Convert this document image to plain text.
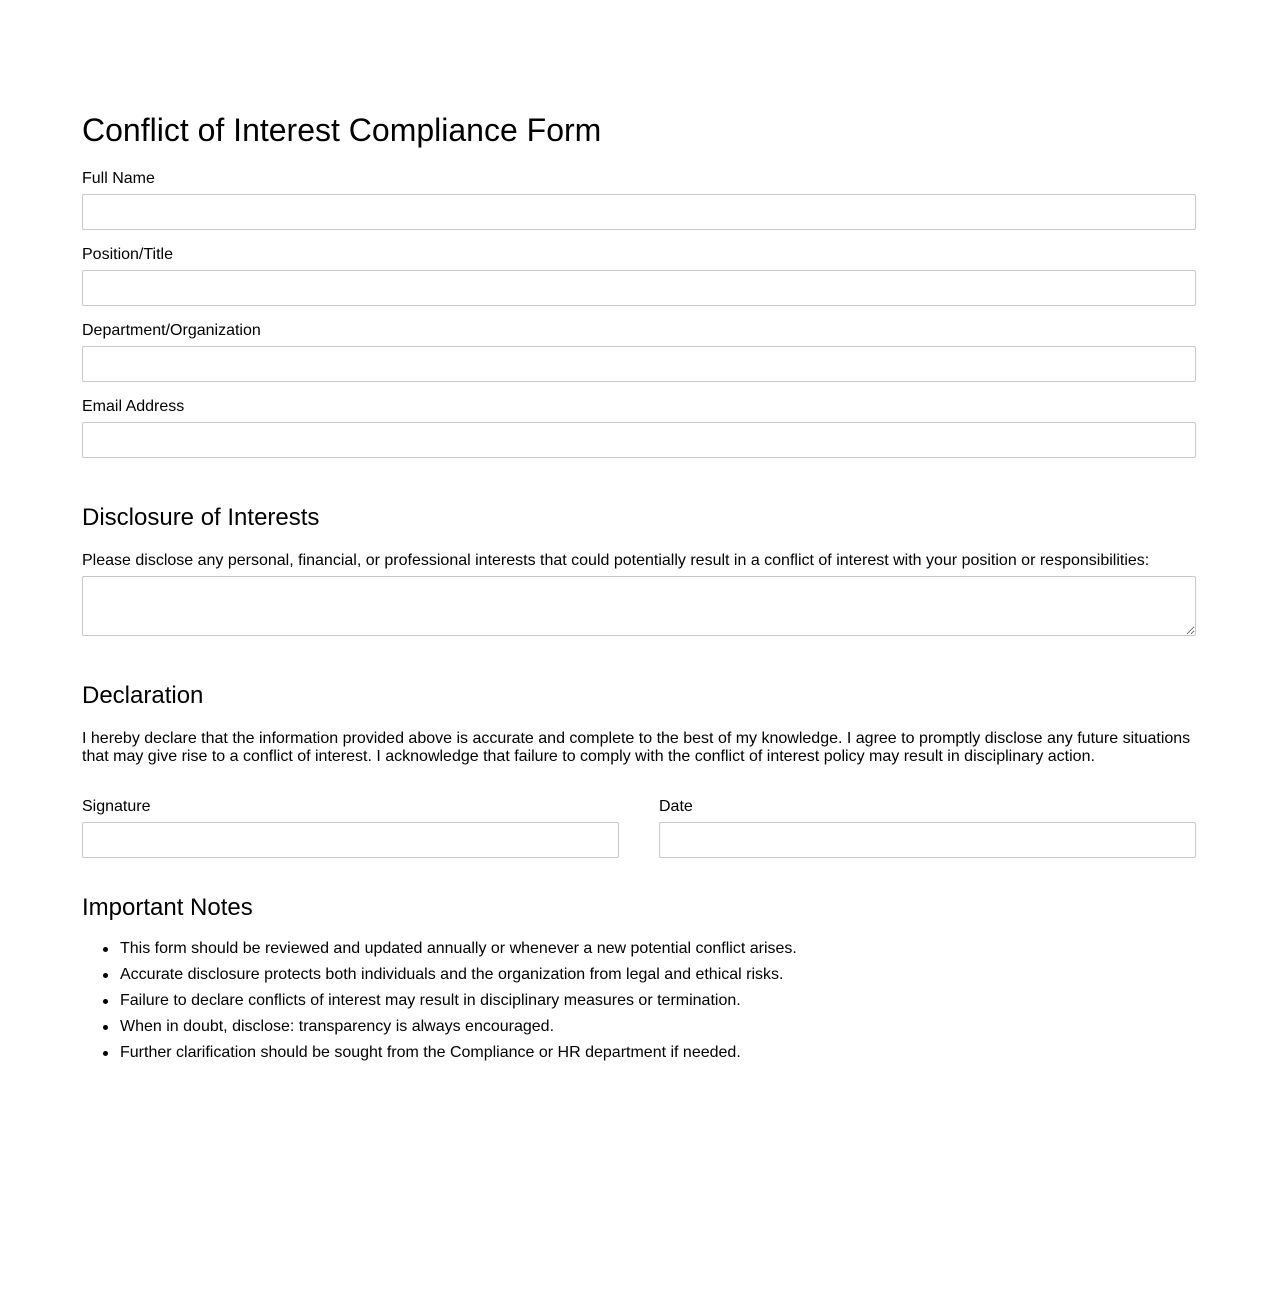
Conflict of Interest Compliance Form
Full Name
Position/Title
Department/Organization
Email Address
Disclosure of Interests

Please disclose any personal, financial, or professional interests that could potentially result in a conflict of interest with your position or responsibilities:

Declaration

I hereby declare that the information provided above is accurate and complete to the best of my knowledge. I agree to promptly disclose any future situations that may give rise to a conflict of interest. I acknowledge that failure to comply with the conflict of interest policy may result in disciplinary action.

Signature	Date
Important Notes
This form should be reviewed and updated annually or whenever a new potential conflict arises.
Accurate disclosure protects both individuals and the organization from legal and ethical risks.
Failure to declare conflicts of interest may result in disciplinary measures or termination.
When in doubt, disclose: transparency is always encouraged.
Further clarification should be sought from the Compliance or HR department if needed.
